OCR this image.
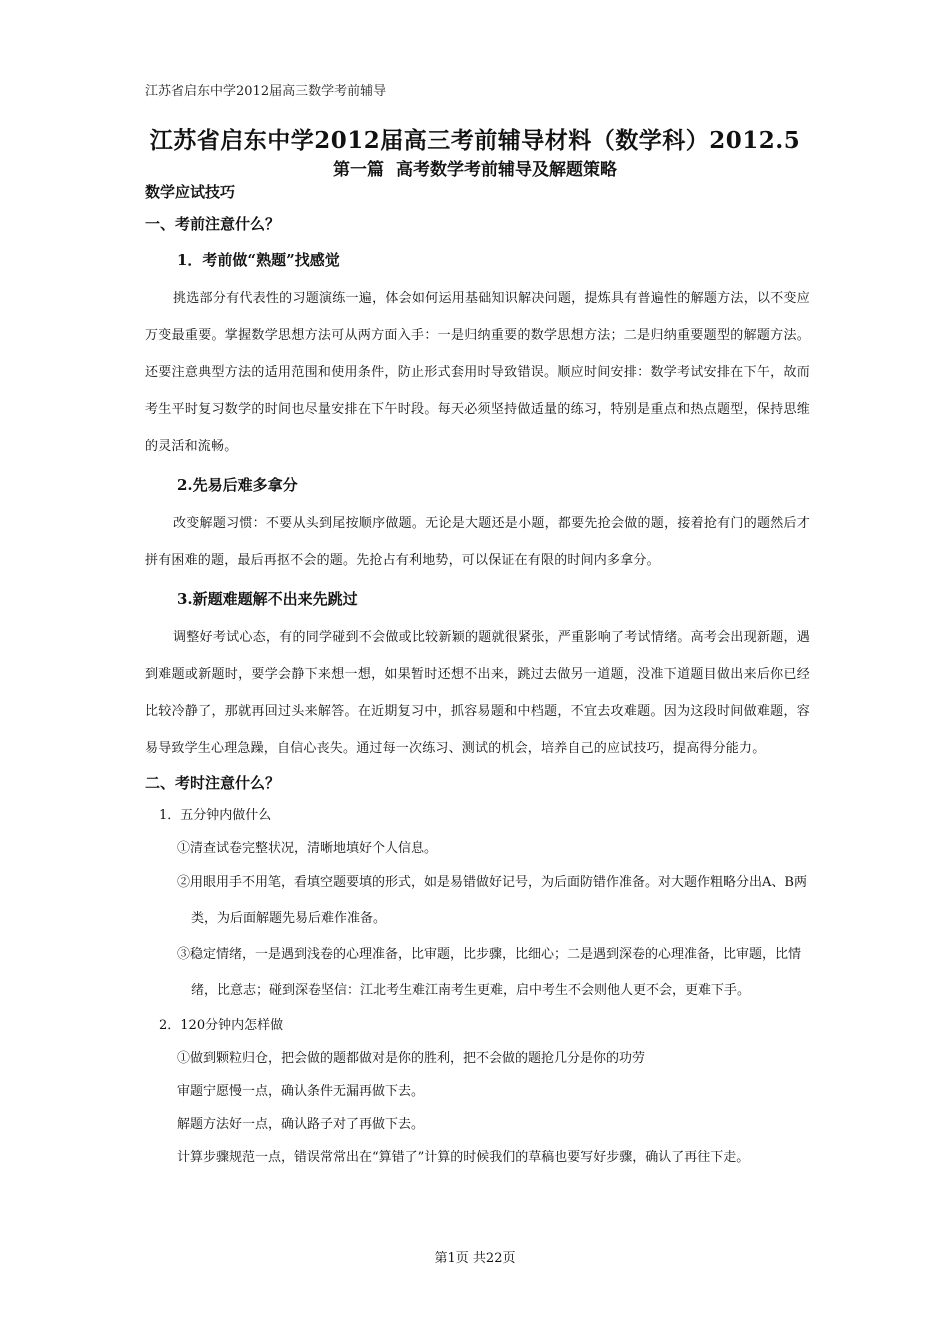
江苏省启东中学2012届高三数学考前辅导
江苏省启东中学2012届高三考前辅导材料（数学科）2012.5
第一篇 高考数学考前辅导及解题策略
数学应试技巧
一、考前注意什么？
1．考前做“熟题”找感觉

挑选部分有代表性的习题演练一遍，体会如何运用基础知识解决问题，提炼具有普遍性的解题方法，以不变应万变最重要。掌握数学思想方法可从两方面入手：一是归纳重要的数学思想方法；二是归纳重要题型的解题方法。还要注意典型方法的适用范围和使用条件，防止形式套用时导致错误。顺应时间安排：数学考试安排在下午，故而考生平时复习数学的时间也尽量安排在下午时段。每天必须坚持做适量的练习，特别是重点和热点题型，保持思维的灵活和流畅。

2.先易后难多拿分

改变解题习惯：不要从头到尾按顺序做题。无论是大题还是小题，都要先抢会做的题，接着抢有门的题然后才拼有困难的题，最后再抠不会的题。先抢占有利地势，可以保证在有限的时间内多拿分。

3.新题难题解不出来先跳过

调整好考试心态，有的同学碰到不会做或比较新颖的题就很紧张，严重影响了考试情绪。高考会出现新题，遇到难题或新题时，要学会静下来想一想，如果暂时还想不出来，跳过去做另一道题，没准下道题目做出来后你已经比较冷静了，那就再回过头来解答。在近期复习中，抓容易题和中档题，不宜去攻难题。因为这段时间做难题，容易导致学生心理急躁，自信心丧失。通过每一次练习、测试的机会，培养自己的应试技巧，提高得分能力。

二、考时注意什么？
1．五分钟内做什么
①清查试卷完整状况，清晰地填好个人信息。
②用眼用手不用笔，看填空题要填的形式，如是易错做好记号，为后面防错作准备。对大题作粗略分出A、B两类，为后面解题先易后难作准备。
③稳定情绪，一是遇到浅卷的心理准备，比审题，比步骤，比细心；二是遇到深卷的心理准备，比审题，比情绪，比意志；碰到深卷坚信：江北考生难江南考生更难，启中考生不会则他人更不会，更难下手。
2．120分钟内怎样做
①做到颗粒归仓，把会做的题都做对是你的胜利，把不会做的题抢几分是你的功劳
审题宁愿慢一点，确认条件无漏再做下去。
解题方法好一点，确认路子对了再做下去。
计算步骤规范一点，错误常常出在“算错了”计算的时候我们的草稿也要写好步骤，确认了再往下走。
第1页 共22页
